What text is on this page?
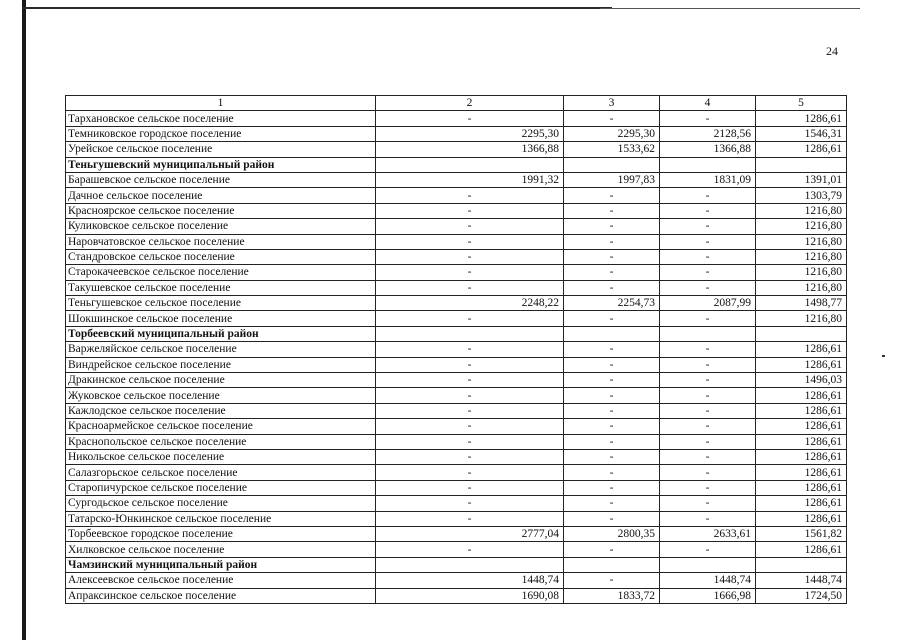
24
1	2	3	4	5
Тархановское сельское поселение	-	-	-	1286,61
Темниковское городское поселение	2295,30	2295,30	2128,56	1546,31
Урейское сельское поселение	1366,88	1533,62	1366,88	1286,61
Теньгушевский муниципальный район				
Барашевское сельское поселение	1991,32	1997,83	1831,09	1391,01
Дачное сельское поселение	-	-	-	1303,79
Красноярское сельское поселение	-	-	-	1216,80
Куликовское сельское поселение	-	-	-	1216,80
Наровчатовское сельское поселение	-	-	-	1216,80
Стандровское сельское поселение	-	-	-	1216,80
Старокачеевское сельское поселение	-	-	-	1216,80
Такушевское сельское поселение	-	-	-	1216,80
Теньгушевское сельское поселение	2248,22	2254,73	2087,99	1498,77
Шокшинское сельское поселение	-	-	-	1216,80
Торбеевский муниципальный район				
Варжеляйское сельское поселение	-	-	-	1286,61
Виндрейское сельское поселение	-	-	-	1286,61
Дракинское сельское поселение	-	-	-	1496,03
Жуковское сельское поселение	-	-	-	1286,61
Кажлодское сельское поселение	-	-	-	1286,61
Красноармейское сельское поселение	-	-	-	1286,61
Краснопольское сельское поселение	-	-	-	1286,61
Никольское сельское поселение	-	-	-	1286,61
Салазгорьское сельское поселение	-	-	-	1286,61
Старопичурское сельское поселение	-	-	-	1286,61
Сургодьское сельское поселение	-	-	-	1286,61
Татарско-Юнкинское сельское поселение	-	-	-	1286,61
Торбеевское городское поселение	2777,04	2800,35	2633,61	1561,82
Хилковское сельское поселение	-	-	-	1286,61
Чамзинский муниципальный район				
Алексеевское сельское поселение	1448,74	-	1448,74	1448,74
Апраксинское сельское поселение	1690,08	1833,72	1666,98	1724,50
